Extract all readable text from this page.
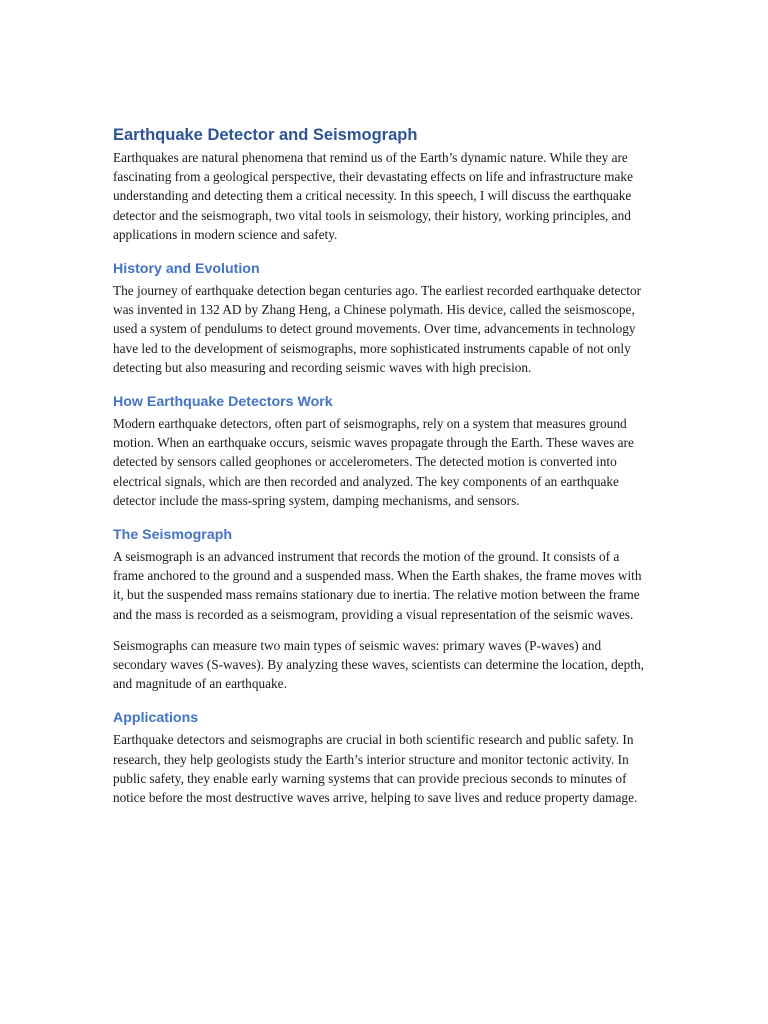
Earthquake Detector and Seismograph

Earthquakes are natural phenomena that remind us of the Earth’s dynamic nature. While they are fascinating from a geological perspective, their devastating effects on life and infrastructure make understanding and detecting them a critical necessity. In this speech, I will discuss the earthquake detector and the seismograph, two vital tools in seismology, their history, working principles, and applications in modern science and safety.

History and Evolution

The journey of earthquake detection began centuries ago. The earliest recorded earthquake detector was invented in 132 AD by Zhang Heng, a Chinese polymath. His device, called the seismoscope, used a system of pendulums to detect ground movements. Over time, advancements in technology have led to the development of seismographs, more sophisticated instruments capable of not only detecting but also measuring and recording seismic waves with high precision.

How Earthquake Detectors Work

Modern earthquake detectors, often part of seismographs, rely on a system that measures ground motion. When an earthquake occurs, seismic waves propagate through the Earth. These waves are detected by sensors called geophones or accelerometers. The detected motion is converted into electrical signals, which are then recorded and analyzed. The key components of an earthquake detector include the mass-spring system, damping mechanisms, and sensors.

The Seismograph

A seismograph is an advanced instrument that records the motion of the ground. It consists of a frame anchored to the ground and a suspended mass. When the Earth shakes, the frame moves with it, but the suspended mass remains stationary due to inertia. The relative motion between the frame and the mass is recorded as a seismogram, providing a visual representation of the seismic waves.

Seismographs can measure two main types of seismic waves: primary waves (P-waves) and secondary waves (S-waves). By analyzing these waves, scientists can determine the location, depth, and magnitude of an earthquake.

Applications

Earthquake detectors and seismographs are crucial in both scientific research and public safety. In research, they help geologists study the Earth’s interior structure and monitor tectonic activity. In public safety, they enable early warning systems that can provide precious seconds to minutes of notice before the most destructive waves arrive, helping to save lives and reduce property damage.
